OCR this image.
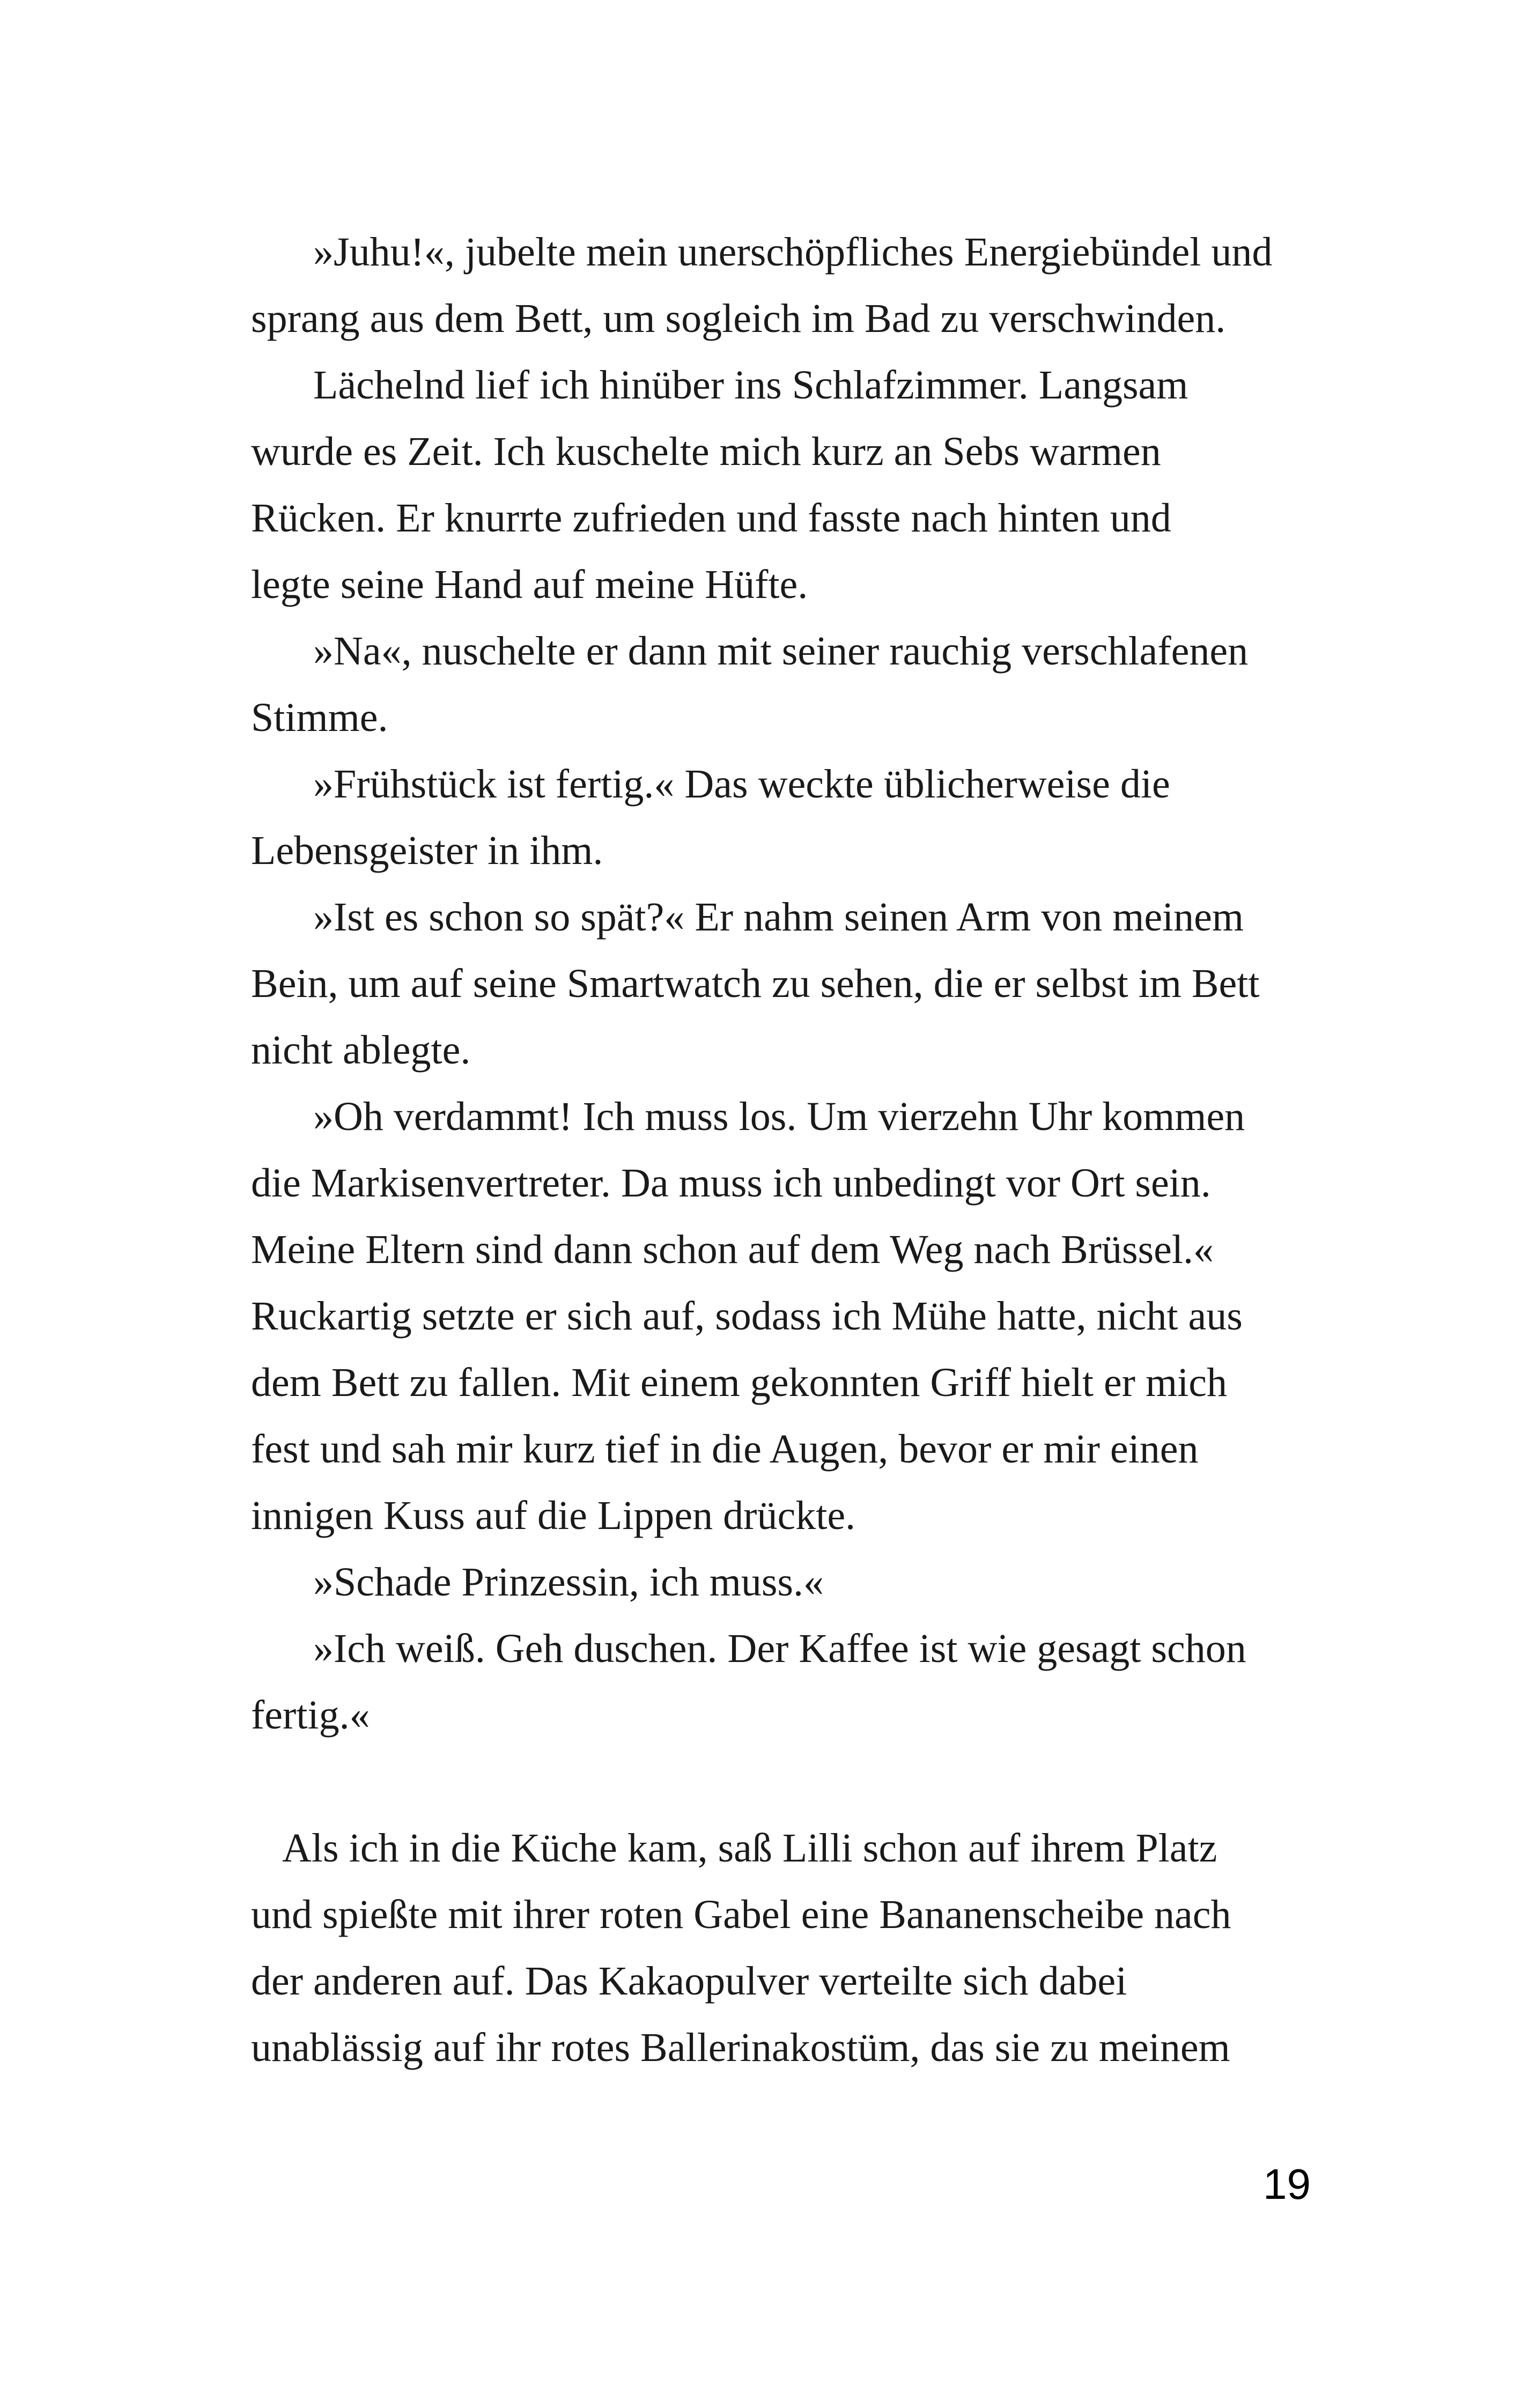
»Juhu!«, jubelte mein unerschöpfliches Energiebündel und
sprang aus dem Bett, um sogleich im Bad zu verschwinden.
Lächelnd lief ich hinüber ins Schlafzimmer. Langsam
wurde es Zeit. Ich kuschelte mich kurz an Sebs warmen
Rücken. Er knurrte zufrieden und fasste nach hinten und
legte seine Hand auf meine Hüfte.
»Na«, nuschelte er dann mit seiner rauchig verschlafenen
Stimme.
»Frühstück ist fertig.« Das weckte üblicherweise die
Lebensgeister in ihm.
»Ist es schon so spät?« Er nahm seinen Arm von meinem
Bein, um auf seine Smartwatch zu sehen, die er selbst im Bett
nicht ablegte.
»Oh verdammt! Ich muss los. Um vierzehn Uhr kommen
die Markisenvertreter. Da muss ich unbedingt vor Ort sein.
Meine Eltern sind dann schon auf dem Weg nach Brüssel.«
Ruckartig setzte er sich auf, sodass ich Mühe hatte, nicht aus
dem Bett zu fallen. Mit einem gekonnten Griff hielt er mich
fest und sah mir kurz tief in die Augen, bevor er mir einen
innigen Kuss auf die Lippen drückte.
»Schade Prinzessin, ich muss.«
»Ich weiß. Geh duschen. Der Kaffee ist wie gesagt schon
fertig.«
Als ich in die Küche kam, saß Lilli schon auf ihrem Platz
und spießte mit ihrer roten Gabel eine Bananenscheibe nach
der anderen auf. Das Kakaopulver verteilte sich dabei
unablässig auf ihr rotes Ballerinakostüm, das sie zu meinem
19
